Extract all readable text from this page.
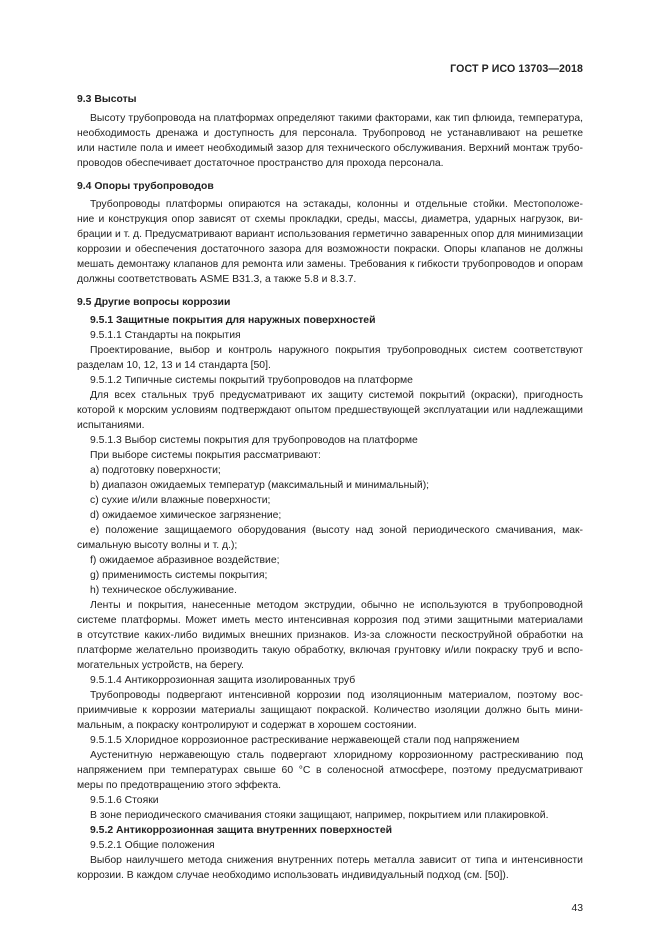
ГОСТ Р ИСО 13703—2018
9.3 Высоты
Высоту трубопровода на платформах определяют такими факторами, как тип флюида, температура,
необходимость дренажа и доступность для персонала. Трубопровод не устанавливают на решетке
или настиле пола и имеет необходимый зазор для технического обслуживания. Верхний монтаж трубо-
проводов обеспечивает достаточное пространство для прохода персонала.
9.4 Опоры трубопроводов
Трубопроводы платформы опираются на эстакады, колонны и отдельные стойки. Местоположе-
ние и конструкция опор зависят от схемы прокладки, среды, массы, диаметра, ударных нагрузок, ви-
брации и т. д. Предусматривают вариант использования герметично заваренных опор для минимизации
коррозии и обеспечения достаточного зазора для возможности покраски. Опоры клапанов не должны
мешать демонтажу клапанов для ремонта или замены. Требования к гибкости трубопроводов и опорам
должны соответствовать ASME B31.3, а также 5.8 и 8.3.7.
9.5 Другие вопросы коррозии
9.5.1 Защитные покрытия для наружных поверхностей
9.5.1.1 Стандарты на покрытия
Проектирование, выбор и контроль наружного покрытия трубопроводных систем соответствуют
разделам 10, 12, 13 и 14 стандарта [50].
9.5.1.2 Типичные системы покрытий трубопроводов на платформе
Для всех стальных труб предусматривают их защиту системой покрытий (окраски), пригодность
которой к морским условиям подтверждают опытом предшествующей эксплуатации или надлежащими
испытаниями.
9.5.1.3 Выбор системы покрытия для трубопроводов на платформе
При выборе системы покрытия рассматривают:
a) подготовку поверхности;
b) диапазон ожидаемых температур (максимальный и минимальный);
c) сухие и/или влажные поверхности;
d) ожидаемое химическое загрязнение;
e) положение защищаемого оборудования (высоту над зоной периодического смачивания, мак-
симальную высоту волны и т. д.);
f) ожидаемое абразивное воздействие;
g) применимость системы покрытия;
h) техническое обслуживание.
Ленты и покрытия, нанесенные методом экструдии, обычно не используются в трубопроводной
системе платформы. Может иметь место интенсивная коррозия под этими защитными материалами
в отсутствие каких-либо видимых внешних признаков. Из-за сложности пескоструйной обработки на
платформе желательно производить такую обработку, включая грунтовку и/или покраску труб и вспо-
могательных устройств, на берегу.
9.5.1.4 Антикоррозионная защита изолированных труб
Трубопроводы подвергают интенсивной коррозии под изоляционным материалом, поэтому вос-
приимчивые к коррозии материалы защищают покраской. Количество изоляции должно быть мини-
мальным, а покраску контролируют и содержат в хорошем состоянии.
9.5.1.5 Хлоридное коррозионное растрескивание нержавеющей стали под напряжением
Аустенитную нержавеющую сталь подвергают хлоридному коррозионному растрескиванию под
напряжением при температурах свыше 60 °C в соленосной атмосфере, поэтому предусматривают
меры по предотвращению этого эффекта.
9.5.1.6 Стояки
В зоне периодического смачивания стояки защищают, например, покрытием или плакировкой.
9.5.2 Антикоррозионная защита внутренних поверхностей
9.5.2.1 Общие положения
Выбор наилучшего метода снижения внутренних потерь металла зависит от типа и интенсивности
коррозии. В каждом случае необходимо использовать индивидуальный подход (см. [50]).
43
